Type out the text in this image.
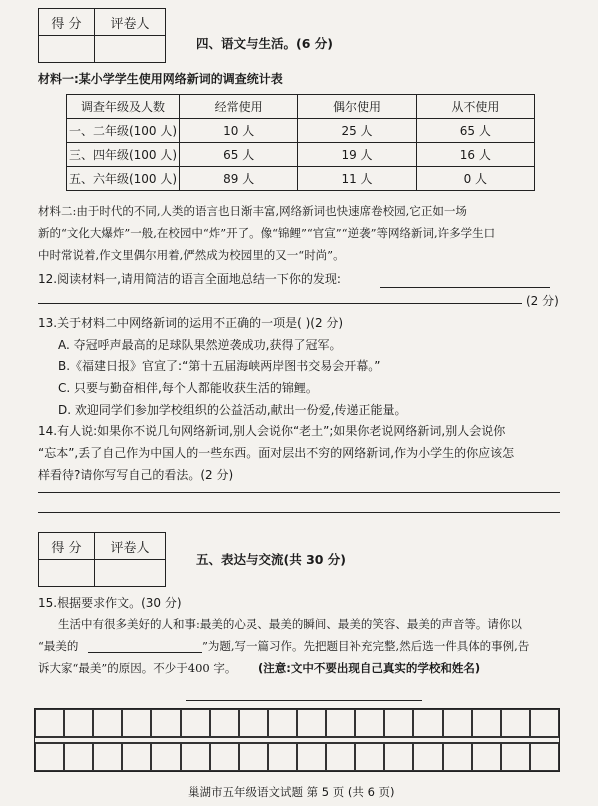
得 分	评卷人

四、语文与生活。(6 分)
材料一:某小学学生使用网络新词的调查统计表
调查年级及人数	经常使用	偶尔使用	从不使用
一、二年级(100 人)	10 人	25 人	65 人
三、四年级(100 人)	65 人	19 人	16 人
五、六年级(100 人)	89 人	11 人	0 人
材料二:由于时代的不同,人类的语言也日渐丰富,网络新词也快速席卷校园,它正如一场
新的“文化大爆炸”一般,在校园中“炸”开了。像“锦鲤”“官宣”“逆袭”等网络新词,许多学生口
中时常说着,作文里偶尔用着,俨然成为校园里的又一“时尚”。
12.阅读材料一,请用简洁的语言全面地总结一下你的发现:
(2 分)
13.关于材料二中网络新词的运用不正确的一项是( )(2 分)
A. 夺冠呼声最高的足球队果然逆袭成功,获得了冠军。
B.《福建日报》官宣了:“第十五届海峡两岸图书交易会开幕。”
C. 只要与勤奋相伴,每个人都能收获生活的锦鲤。
D. 欢迎同学们参加学校组织的公益活动,献出一份爱,传递正能量。
14.有人说:如果你不说几句网络新词,别人会说你“老土”;如果你老说网络新词,别人会说你
“忘本”,丢了自己作为中国人的一些东西。面对层出不穷的网络新词,作为小学生的你应该怎
样看待?请你写写自己的看法。(2 分)
得 分	评卷人

五、表达与交流(共 30 分)
15.根据要求作文。(30 分)
生活中有很多美好的人和事:最美的心灵、最美的瞬间、最美的笑容、最美的声音等。请你以
“最美的	”为题,写一篇习作。先把题目补充完整,然后选一件具体的事例,告
诉大家“最美”的原因。不少于400 字。 (注意:文中不要出现自己真实的学校和姓名)
巢湖市五年级语文试题 第 5 页 (共 6 页)
